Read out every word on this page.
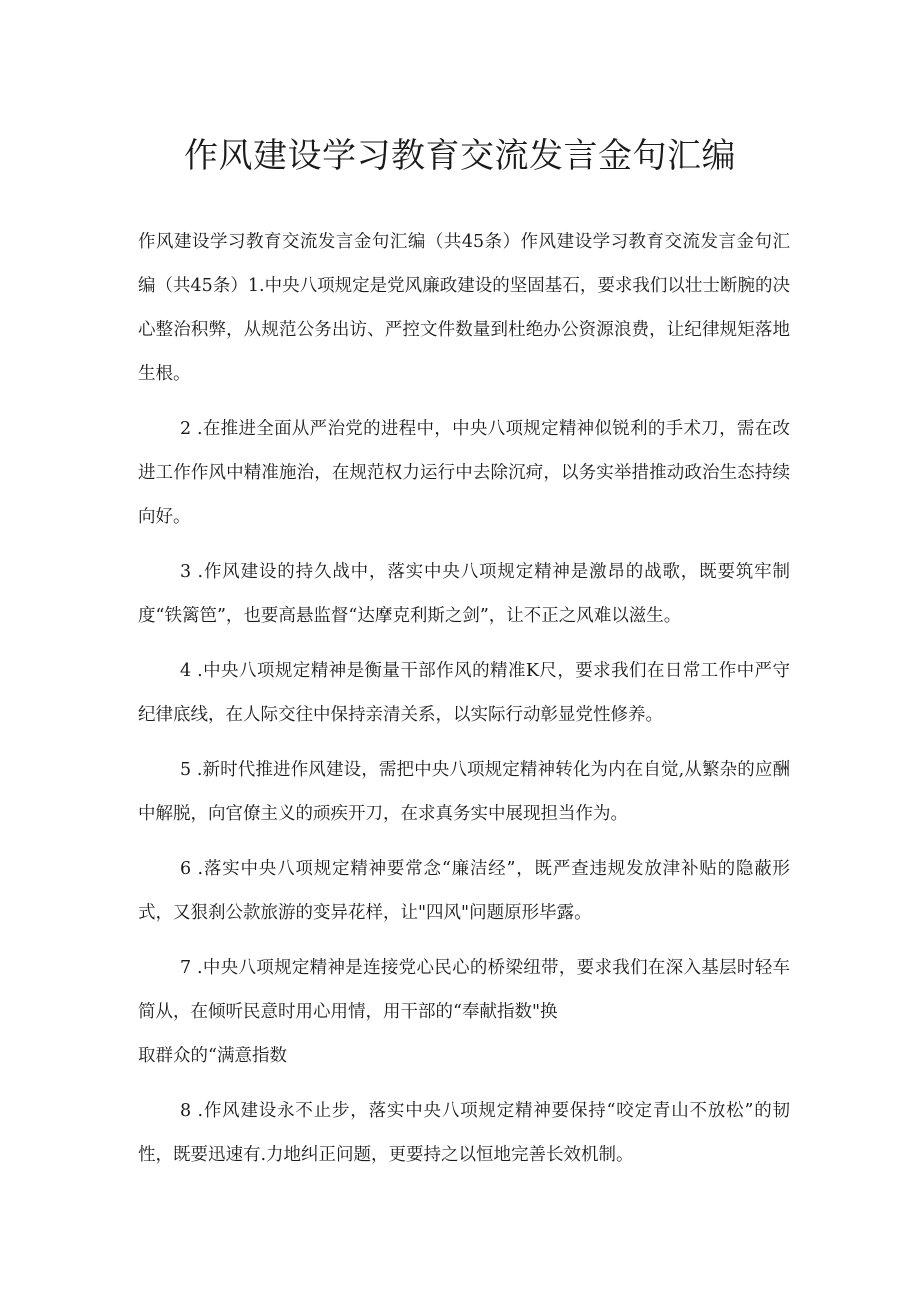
作风建设学习教育交流发言金句汇编

作风建设学习教育交流发言金句汇编（共45条）作风建设学习教育交流发言金句汇编（共45条）1.中央八项规定是党风廉政建设的坚固基石，要求我们以壮士断腕的决心整治积弊，从规范公务出访、严控文件数量到杜绝办公资源浪费，让纪律规矩落地生根。

2 .在推进全面从严治党的进程中，中央八项规定精神似锐利的手术刀，需在改进工作作风中精准施治，在规范权力运行中去除沉疴，以务实举措推动政治生态持续向好。

3 .作风建设的持久战中，落实中央八项规定精神是激昂的战歌，既要筑牢制度“铁篱笆”，也要高悬监督“达摩克利斯之剑”，让不正之风难以滋生。

4 .中央八项规定精神是衡量干部作风的精准K尺，要求我们在日常工作中严守纪律底线，在人际交往中保持亲清关系，以实际行动彰显党性修养。

5 .新时代推进作风建设，需把中央八项规定精神转化为内在自觉,从繁杂的应酬中解脱，向官僚主义的顽疾开刀，在求真务实中展现担当作为。

6 .落实中央八项规定精神要常念“廉洁经”，既严查违规发放津补贴的隐蔽形式，又狠刹公款旅游的变异花样，让"四风"问题原形毕露。

7 .中央八项规定精神是连接党心民心的桥梁纽带，要求我们在深入基层时轻车简从，在倾听民意时用心用情，用干部的“奉献指数"换

取群众的“满意指数

8 .作风建设永不止步，落实中央八项规定精神要保持“咬定青山不放松”的韧性，既要迅速有.力地纠正问题，更要持之以恒地完善长效机制。
